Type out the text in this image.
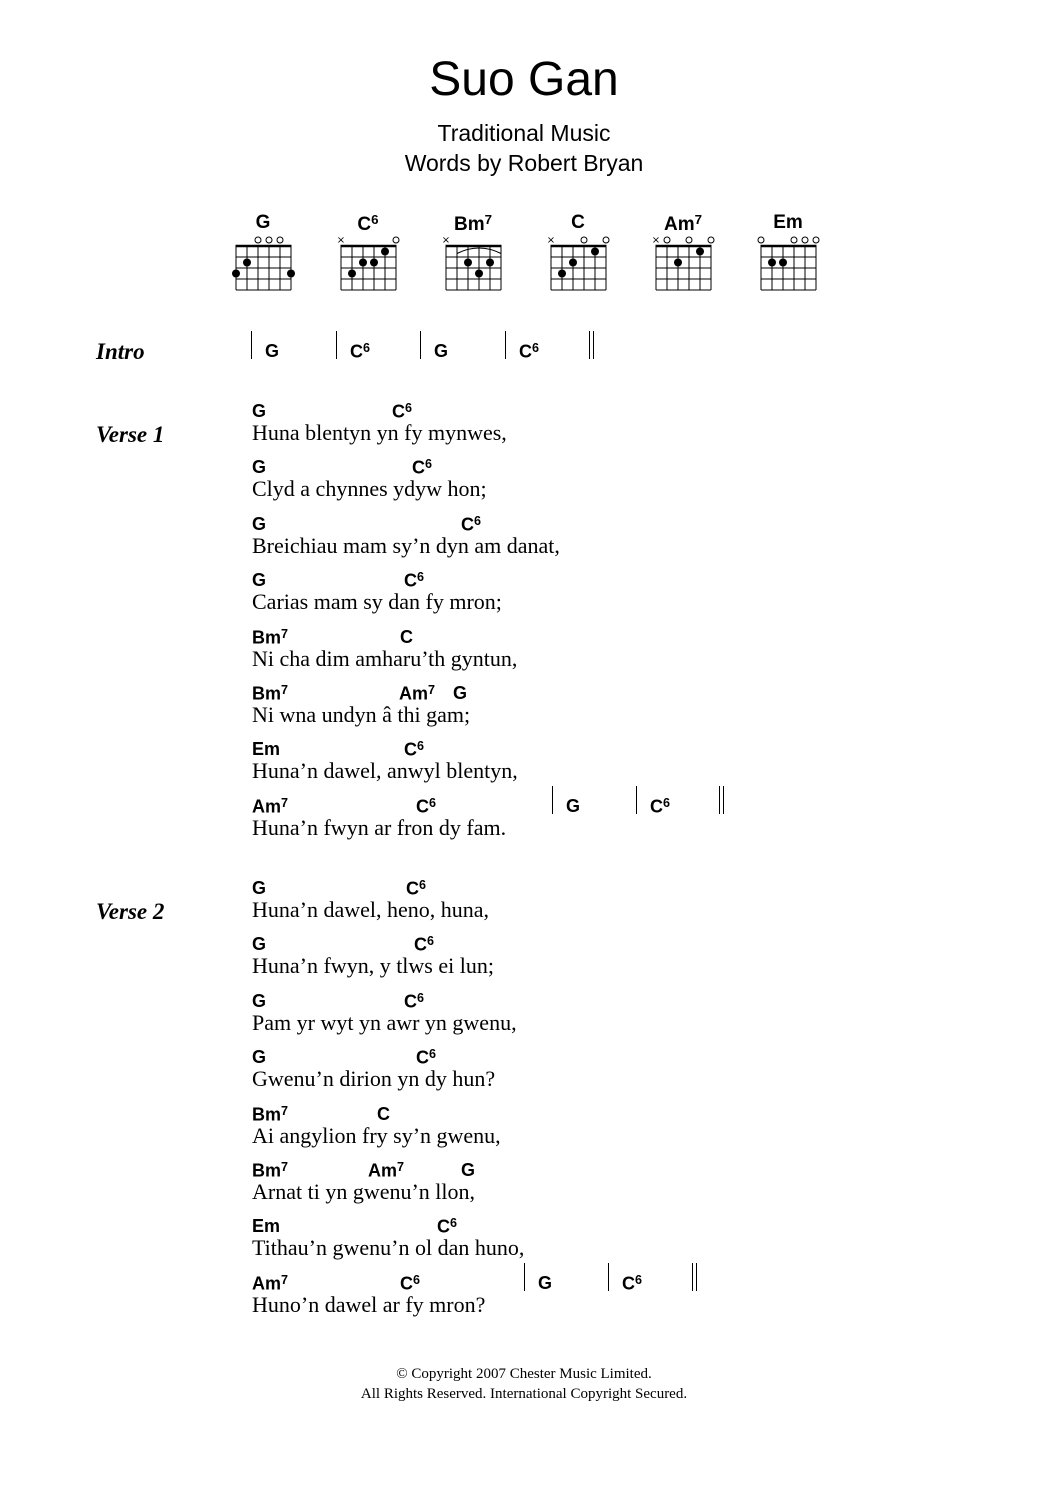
Suo Gan
Traditional Music
Words by Robert Bryan
G	$C^6$
×
$Bm^7$
×
C
×
$Am^7$
×
Em
Intro	G	$C^6$	G	$C^6$
Verse 1
G	$C^6$
Huna blentyn yn fy mynwes,
G	$C^6$
Clyd a chynnes ydyw hon;
G	$C^6$
Breichiau mam sy’n dyn am danat,
G	$C^6$
Carias mam sy dan fy mron;
Bm$^7$	C
Ni cha dim amharu’th gyntun,
Bm$^7$	Am$^7$ G
Ni wna undyn â thi gam;
Em	$C^6$
Huna’n dawel, anwyl blentyn,
Am$^7$	$C^6$
Huna’n fwyn ar fron dy fam.
G	$C^6$
Verse 2
G	$C^6$
Huna’n dawel, heno, huna,
G	$C^6$
Huna’n fwyn, y tlws ei lun;
G	$C^6$
Pam yr wyt yn awr yn gwenu,
G	$C^6$
Gwenu’n dirion yn dy hun?
Bm$^7$	C
Ai angylion fry sy’n gwenu,
Bm$^7$	Am$^7$	G
Arnat ti yn gwenu’n llon,
Em	$C^6$
Tithau’n gwenu’n ol dan huno,
Am$^7$	$C^6$
Huno’n dawel ar fy mron?
G	$C^6$
© Copyright 2007 Chester Music Limited.
All Rights Reserved. International Copyright Secured.
